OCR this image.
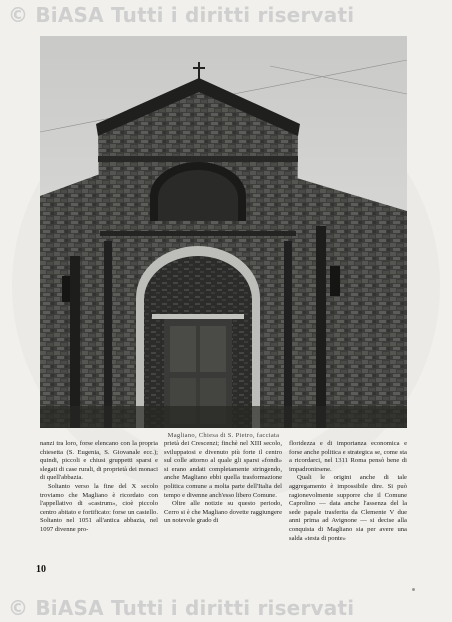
© BiASA Tutti i diritti riservati
Magliano, Chiesa di S. Pietro, facciata

nanzi tra loro, forse elencano con la propria chiesetta (S. Eugenia, S. Giovanale ecc.); quindi, piccoli e chiusi gruppetti sparsi e slegati di case rurali, di proprietà dei monaci di quell'abbazia.

Soltanto verso la fine del X secolo troviamo che Magliano è ricordato con l'appellativo di «castrum», cioè piccolo centro abitato e fortificato: forse un castello. Soltanto nel 1051 all'antica abbazia, nel 1097 divenne pro-

prietà dei Crescenzi; finchè nel XIII secolo, sviluppatosi e divenuto più forte il centro sul colle attorno al quale gli sparsi «fondi» si erano andati completamente stringendo, anche Magliano ebbi quella trasformazione politica comune a molta parte dell'Italia del tempo e divenne anch'esso libero Comune.

Oltre alle notizie su questo periodo, Cerro si è che Magliano dovette raggiungere un notevole grado di

floridezza e di importanza economica e forse anche politica e strategica se, come sta a ricordarci, nel 1311 Roma pensò bene di impadronirsene.

Quali le origini anche di tale aggregamento è impossibile dire. Si può ragionevolmente supporre che il Comune Caprolino — data anche l'assenza del la sede papale trasferita da Clemente V due anni prima ad Avignone — si decise alla conquista di Magliano sia per avere una salda «testa di ponte»

10
© BiASA Tutti i diritti riservati
